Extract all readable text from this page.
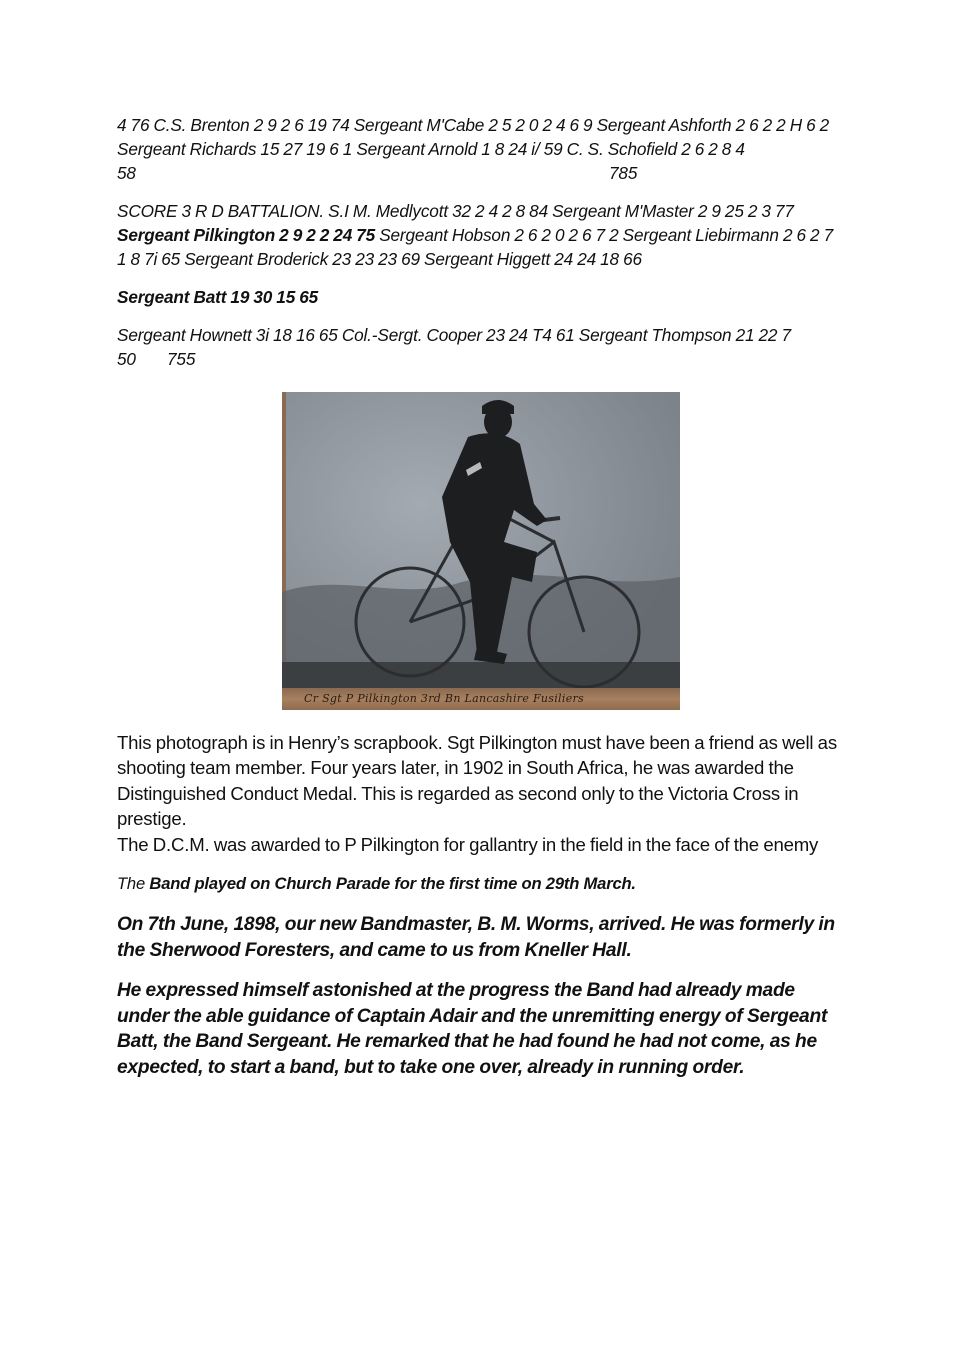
4 76 C.S. Brenton 2 9 2 6 19 74 Sergeant M'Cabe 2 5 2 0 2 4 6 9 Sergeant Ashforth 2 6 2 2 H 6 2 Sergeant Richards 15 27 19 6 1 Sergeant Arnold 1 8 24 i/ 59 C. S. Schofield 2 6 2 8 4

58	785

SCORE 3 R D BATTALION. S.I M. Medlycott 32 2 4 2 8 84 Sergeant M'Master 2 9 25 2 3 77 Sergeant Pilkington 2 9 2 2 24 75 Sergeant Hobson 2 6 2 0 2 6 7 2 Sergeant Liebirmann 2 6 2 7 1 8 7i 65 Sergeant Broderick 23 23 23 69 Sergeant Higgett 24 24 18 66

Sergeant Batt 19 30 15 65

Sergeant Hownett 3i 18 16 65 Col.-Sergt. Cooper 23 24 T4 61 Sergeant Thompson 21 22 7

50 755
Cr Sgt P Pilkington 3rd Bn Lancashire Fusiliers

This photograph is in Henry’s scrapbook. Sgt Pilkington must have been a friend as well as shooting team member. Four years later, in 1902 in South Africa, he was awarded the Distinguished Conduct Medal. This is regarded as second only to the Victoria Cross in prestige.

The D.C.M. was awarded to P Pilkington for gallantry in the field in the face of the enemy

The Band played on Church Parade for the first time on 29th March.

On 7th June, 1898, our new Bandmaster, B. M. Worms, arrived. He was formerly in the Sherwood Foresters, and came to us from Kneller Hall.

He expressed himself astonished at the progress the Band had already made under the able guidance of Captain Adair and the unremitting energy of Sergeant Batt, the Band Sergeant. He remarked that he had found he had not come, as he expected, to start a band, but to take one over, already in running order.
